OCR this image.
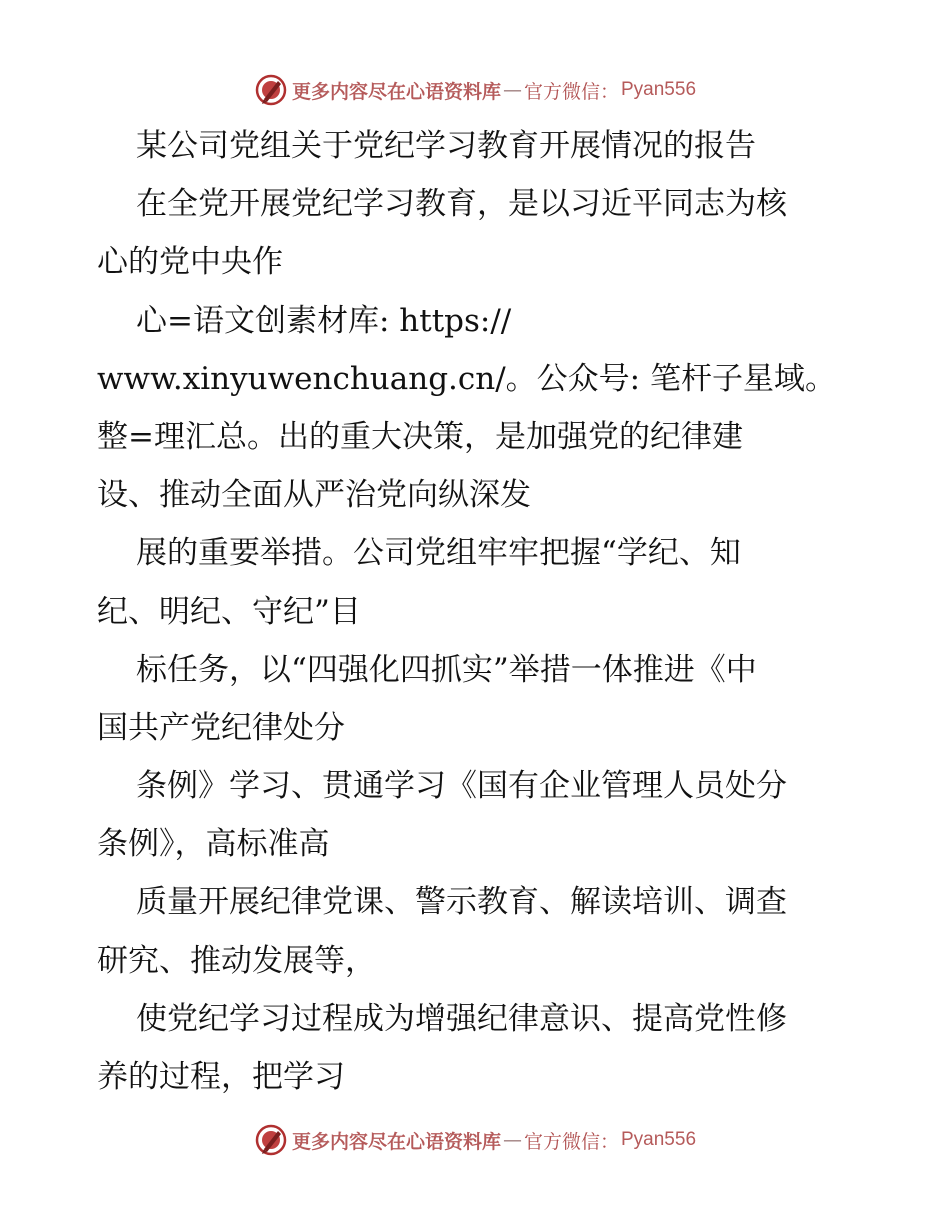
更多内容尽在心语资料库 — 官方微信： Pyan556
某公司党组关于党纪学习教育开展情况的报告
在全党开展党纪学习教育，是以习近平同志为核
心的党中央作
心=语文创素材库: https://
www.xinyuwenchuang.cn/。公众号: 笔杆子星域。
整=理汇总。出的重大决策，是加强党的纪律建
设、推动全面从严治党向纵深发
展的重要举措。公司党组牢牢把握“学纪、知
纪、明纪、守纪”目
标任务，以“四强化四抓实”举措一体推进《中
国共产党纪律处分
条例》学习、贯通学习《国有企业管理人员处分
条例》，高标准高
质量开展纪律党课、警示教育、解读培训、调查
研究、推动发展等，
使党纪学习过程成为增强纪律意识、提高党性修
养的过程，把学习
更多内容尽在心语资料库 — 官方微信： Pyan556
